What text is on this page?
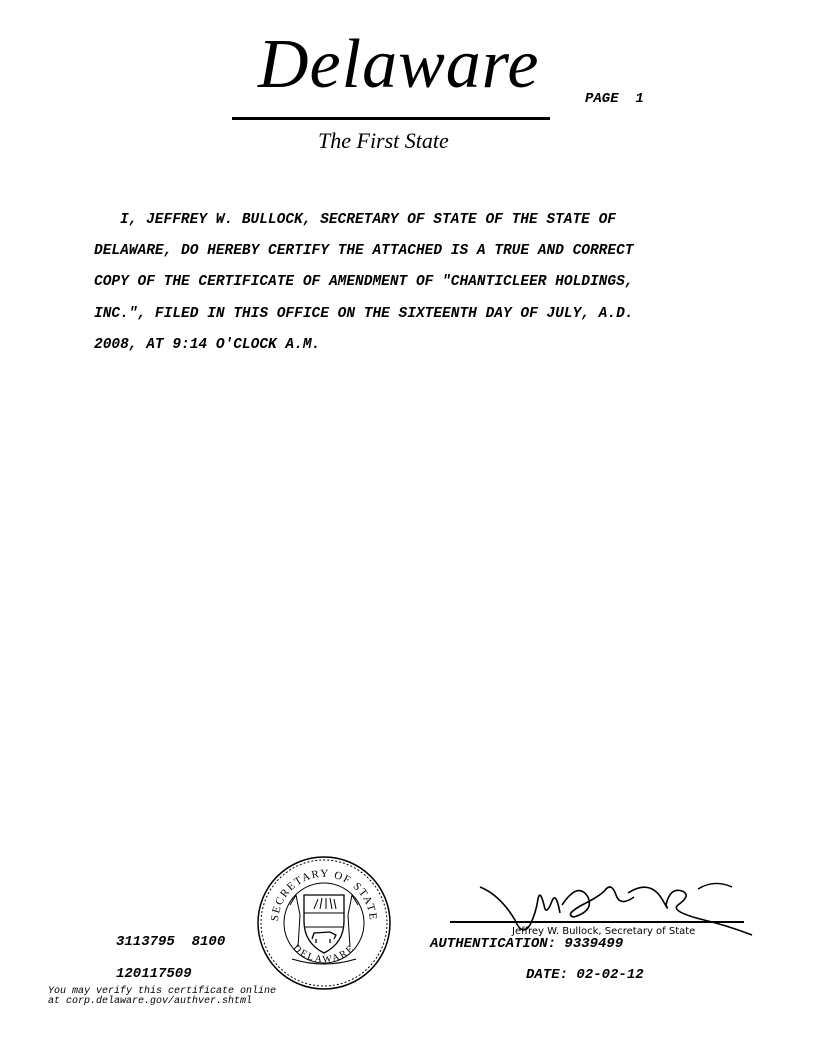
Delaware
The First State
PAGE  1
I, JEFFREY W. BULLOCK, SECRETARY OF STATE OF THE STATE OF
DELAWARE, DO HEREBY CERTIFY THE ATTACHED IS A TRUE AND CORRECT
COPY OF THE CERTIFICATE OF AMENDMENT OF "CHANTICLEER HOLDINGS,
INC.", FILED IN THIS OFFICE ON THE SIXTEENTH DAY OF JULY, A.D.
2008, AT 9:14 O'CLOCK A.M.
3113795  8100
120117509
You may verify this certificate online
at corp.delaware.gov/authver.shtml
SECRETARY OF STATE
DELAWARE
Jeffrey W. Bullock, Secretary of State
AUTHENTICATION: 9339499
DATE: 02-02-12
